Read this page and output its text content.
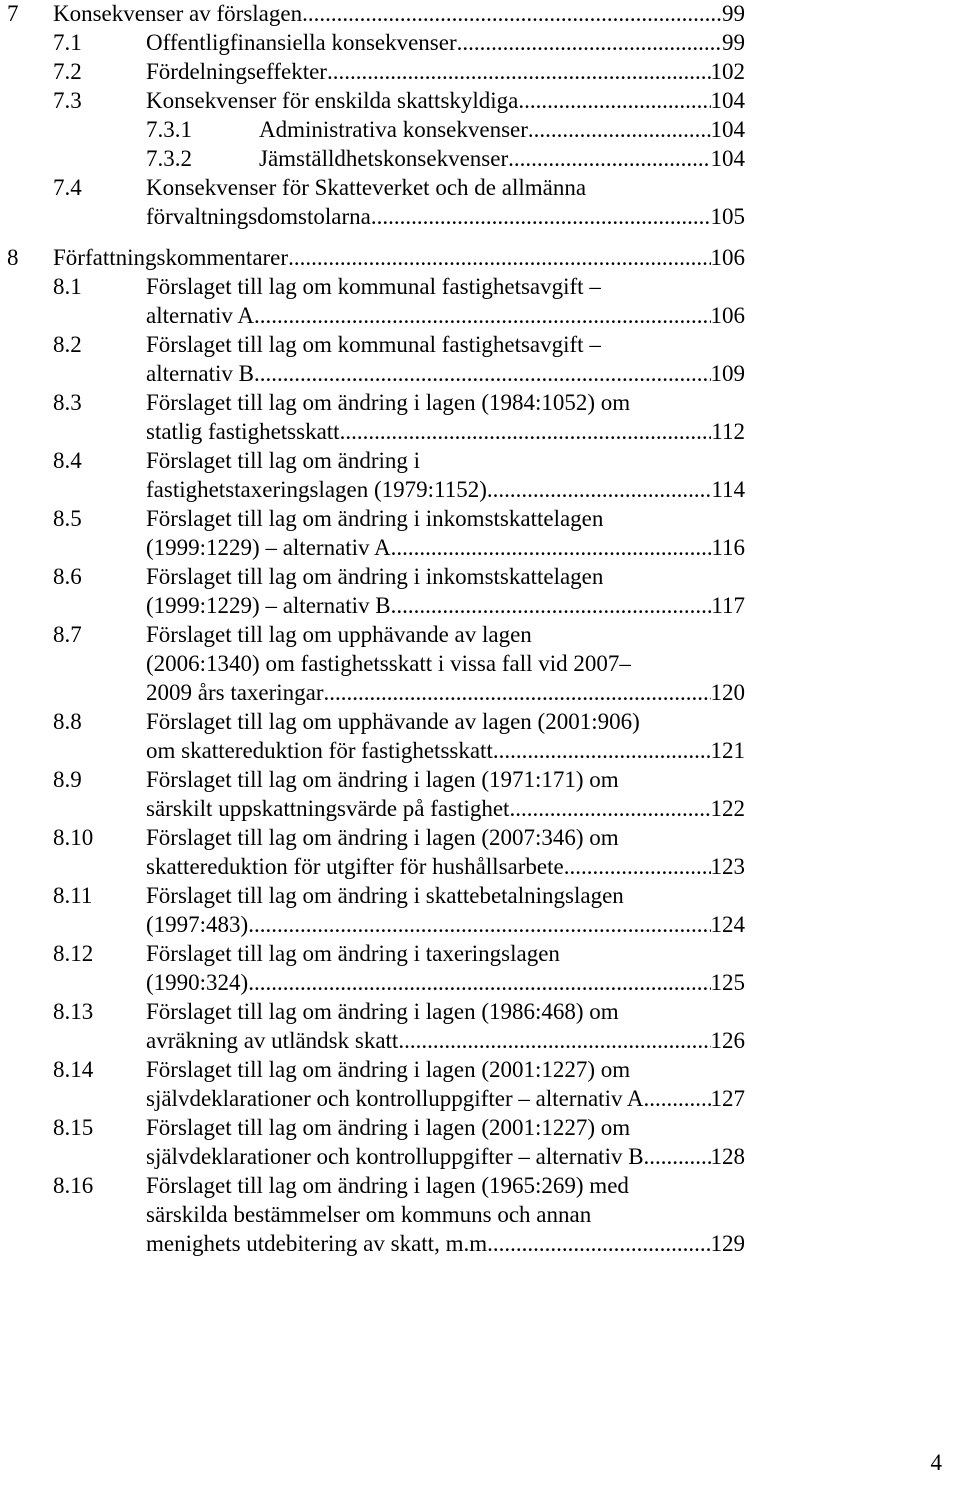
7 Konsekvenser av förslagen .....	99
7.1	Offentligfinansiella konsekvenser .....	99
7.2	Fördelningseffekter .....	102
7.3	Konsekvenser för enskilda skattskyldiga .....	104
7.3.1	Administrativa konsekvenser .....	104
7.3.2	Jämställdhetskonsekvenser .....	104
7.4	Konsekvenser för Skatteverket och de allmänna
förvaltningsdomstolarna .....	105
8 Författningskommentarer .....	106
8.1	Förslaget till lag om kommunal fastighetsavgift –
alternativ A .....	106
8.2	Förslaget till lag om kommunal fastighetsavgift –
alternativ B .....	109
8.3	Förslaget till lag om ändring i lagen (1984:1052) om
statlig fastighetsskatt .....	112
8.4	Förslaget till lag om ändring i
fastighetstaxeringslagen (1979:1152) .....	114
8.5	Förslaget till lag om ändring i inkomstskattelagen
(1999:1229) – alternativ A .....	116
8.6	Förslaget till lag om ändring i inkomstskattelagen
(1999:1229) – alternativ B .....	117
8.7	Förslaget till lag om upphävande av lagen
(2006:1340) om fastighetsskatt i vissa fall vid 2007–
2009 års taxeringar .....	120
8.8	Förslaget till lag om upphävande av lagen (2001:906)
om skattereduktion för fastighetsskatt .....	121
8.9	Förslaget till lag om ändring i lagen (1971:171) om
särskilt uppskattningsvärde på fastighet .....	122
8.10 Förslaget till lag om ändring i lagen (2007:346) om
skattereduktion för utgifter för hushållsarbete .....	123
8.11 Förslaget till lag om ändring i skattebetalningslagen
(1997:483) .....	124
8.12 Förslaget till lag om ändring i taxeringslagen
(1990:324) .....	125
8.13 Förslaget till lag om ändring i lagen (1986:468) om
avräkning av utländsk skatt .....	126
8.14 Förslaget till lag om ändring i lagen (2001:1227) om
självdeklarationer och kontrolluppgifter – alternativ A .....	127
8.15 Förslaget till lag om ändring i lagen (2001:1227) om
självdeklarationer och kontrolluppgifter – alternativ B .....	128
8.16 Förslaget till lag om ändring i lagen (1965:269) med
särskilda bestämmelser om kommuns och annan
menighets utdebitering av skatt, m.m. .....	129
4
